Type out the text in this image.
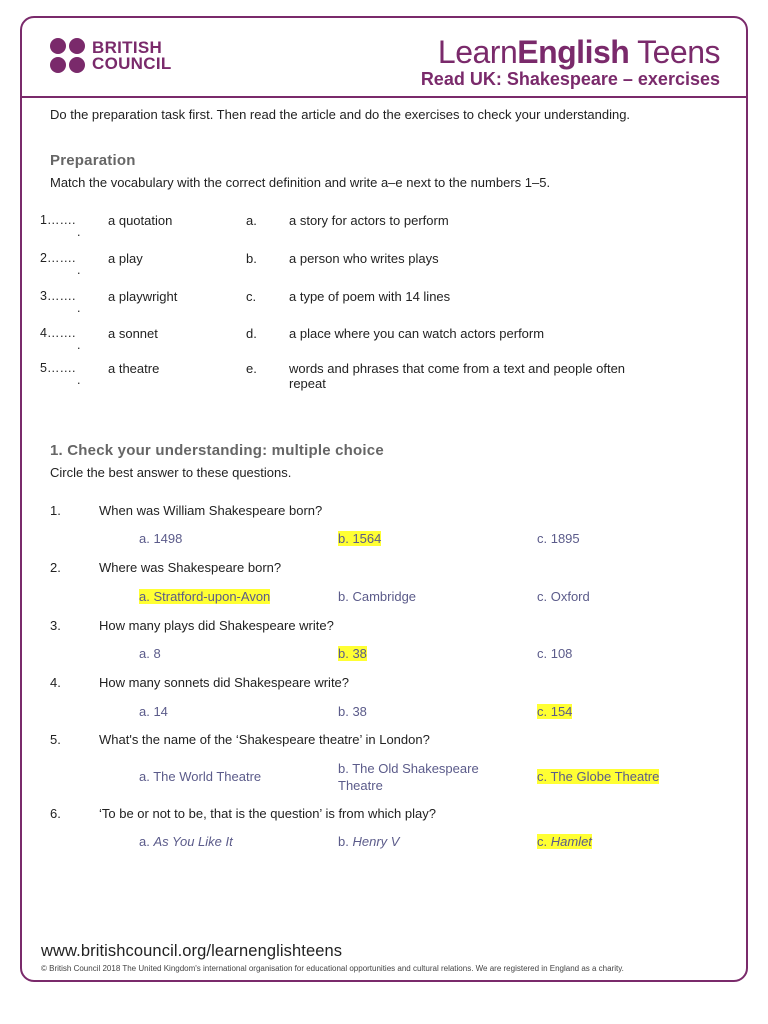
BRITISH
COUNCIL	LearnEnglish Teens
Read UK: Shakespeare – exercises
Do the preparation task first. Then read the article and do the exercises to check your understanding.
Preparation
Match the vocabulary with the correct definition and write a–e next to the numbers 1–5.
1…….
.
a quotation	a. a story for actors to perform
2…….
.
a play	b. a person who writes plays
3…….
.
a playwright	c.	a type of poem with 14 lines
4…….
.
a sonnet	d. a place where you can watch actors perform
5…….
.
a theatre	e. words and phrases that come from a text and people often
repeat
1. Check your understanding: multiple choice
Circle the best answer to these questions.
1.	When was William Shakespeare born?
a. 1498	b. 1564	c. 1895
2.	Where was Shakespeare born?
a. Stratford-upon-Avon	b. Cambridge	c. Oxford
3.	How many plays did Shakespeare write?
a. 8	b. 38	c. 108
4.	How many sonnets did Shakespeare write?
a. 14	b. 38	c. 154
5.	What's the name of the ‘Shakespeare theatre’ in London?
a. The World Theatre
b. The Old Shakespeare
Theatre
c. The Globe Theatre
6.	‘To be or not to be, that is the question’ is from which play?
a. As You Like It	b. Henry V	c. Hamlet
www.britishcouncil.org/learnenglishteens
© British Council 2018 The United Kingdom's international organisation for educational opportunities and cultural relations. We are registered in England as a charity.
